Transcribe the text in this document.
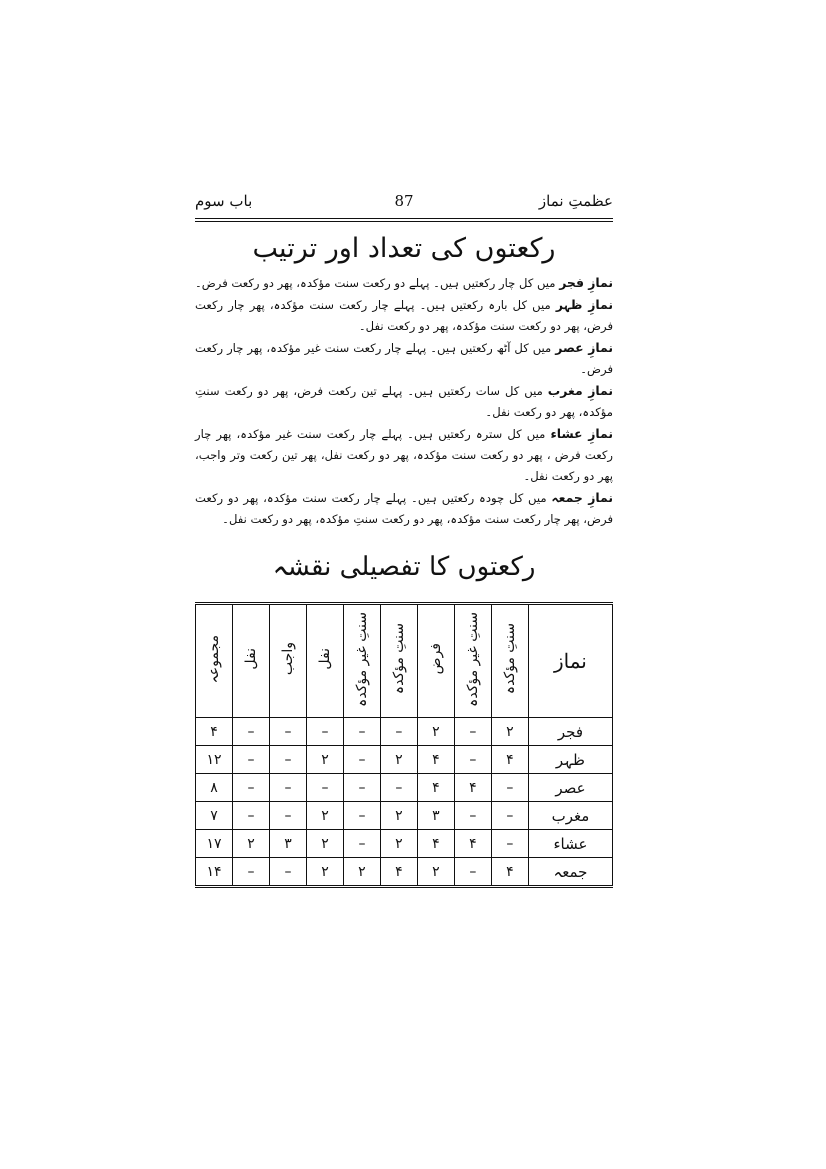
عظمتِ نماز
87
باب سوم
رکعتوں کی تعداد اور ترتیب

نمازِ فجر میں کل چار رکعتیں ہیں۔ پہلے دو رکعت سنت مؤکدہ، پھر دو رکعت فرض۔

نمازِ ظہر میں کل بارہ رکعتیں ہیں۔ پہلے چار رکعت سنت مؤکدہ، پھر چار رکعت فرض، پھر دو رکعت سنت مؤکدہ، پھر دو رکعت نفل۔

نمازِ عصر میں کل آٹھ رکعتیں ہیں۔ پہلے چار رکعت سنت غیر مؤکدہ، پھر چار رکعت فرض۔

نمازِ مغرب میں کل سات رکعتیں ہیں۔ پہلے تین رکعت فرض، پھر دو رکعت سنتِ مؤکدہ، پھر دو رکعت نفل۔

نمازِ عشاء میں کل سترہ رکعتیں ہیں۔ پہلے چار رکعت سنت غیر مؤکدہ، پھر چار رکعت فرض ، پھر دو رکعت سنت مؤکدہ، پھر دو رکعت نفل، پھر تین رکعت وتر واجب، پھر دو رکعت نفل۔

نمازِ جمعہ میں کل چودہ رکعتیں ہیں۔ پہلے چار رکعت سنت مؤکدہ، پھر دو رکعت فرض، پھر چار رکعت سنت مؤکدہ، پھر دو رکعت سنتِ مؤکدہ، پھر دو رکعت نفل۔

رکعتوں کا تفصیلی نقشہ
نماز	سنتِ مؤکدہ	سنتِ غیر مؤکدہ	فرض	سنتِ مؤکدہ	سنتِ غیر مؤکدہ	نفل	واجب	نفل	مجموعہ
فجر	۲	–	۲	–	–	–	–	–	۴
ظہر	۴	–	۴	۲	–	۲	–	–	۱۲
عصر	–	۴	۴	–	–	–	–	–	۸
مغرب	–	–	۳	۲	–	۲	–	–	۷
عشاء	–	۴	۴	۲	–	۲	۳	۲	۱۷
جمعہ	۴	–	۲	۴	۲	۲	–	–	۱۴
